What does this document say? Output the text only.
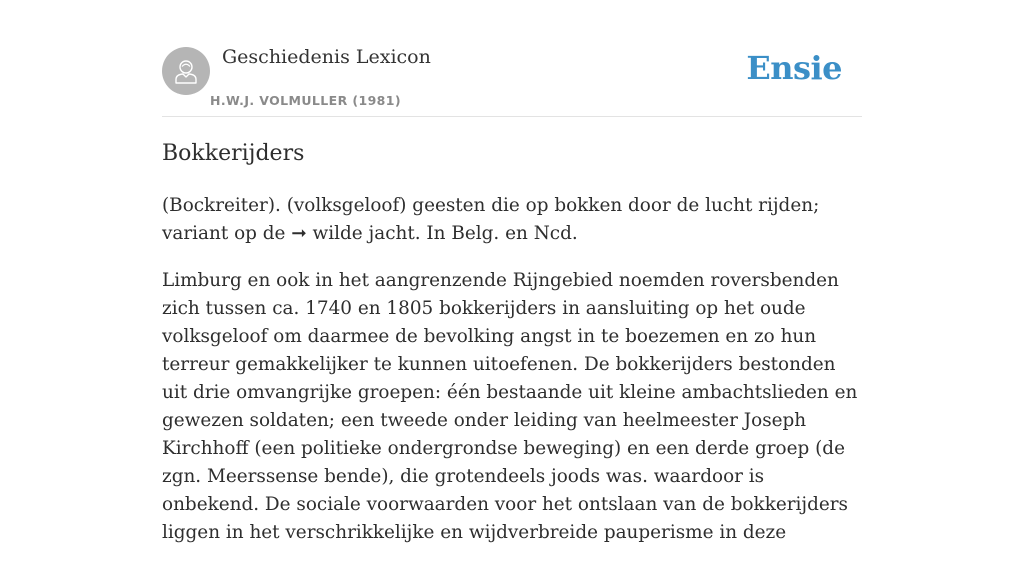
Geschiedenis Lexicon
H.W.J. VOLMULLER (1981)
Ensie
Bokkerijders

(Bockreiter). (volksgeloof) geesten die op bokken door de lucht rijden; variant op de ➞ wilde jacht. In Belg. en Ncd.

Limburg en ook in het aangrenzende Rijngebied noemden roversbenden zich tussen ca. 1740 en 1805 bokkerijders in aansluiting op het oude volksgeloof om daarmee de bevolking angst in te boezemen en zo hun terreur gemakkelijker te kunnen uitoefenen. De bokkerijders bestonden uit drie omvangrijke groepen: één bestaande uit kleine ambachtslieden en gewezen soldaten; een tweede onder leiding van heelmeester Joseph Kirchhoff (een politieke ondergrondse beweging) en een derde groep (de zgn. Meerssense bende), die grotendeels joods was. waardoor is onbekend. De sociale voorwaarden voor het ontslaan van de bokkerijders liggen in het verschrikkelijke en wijdverbreide pauperisme in deze
